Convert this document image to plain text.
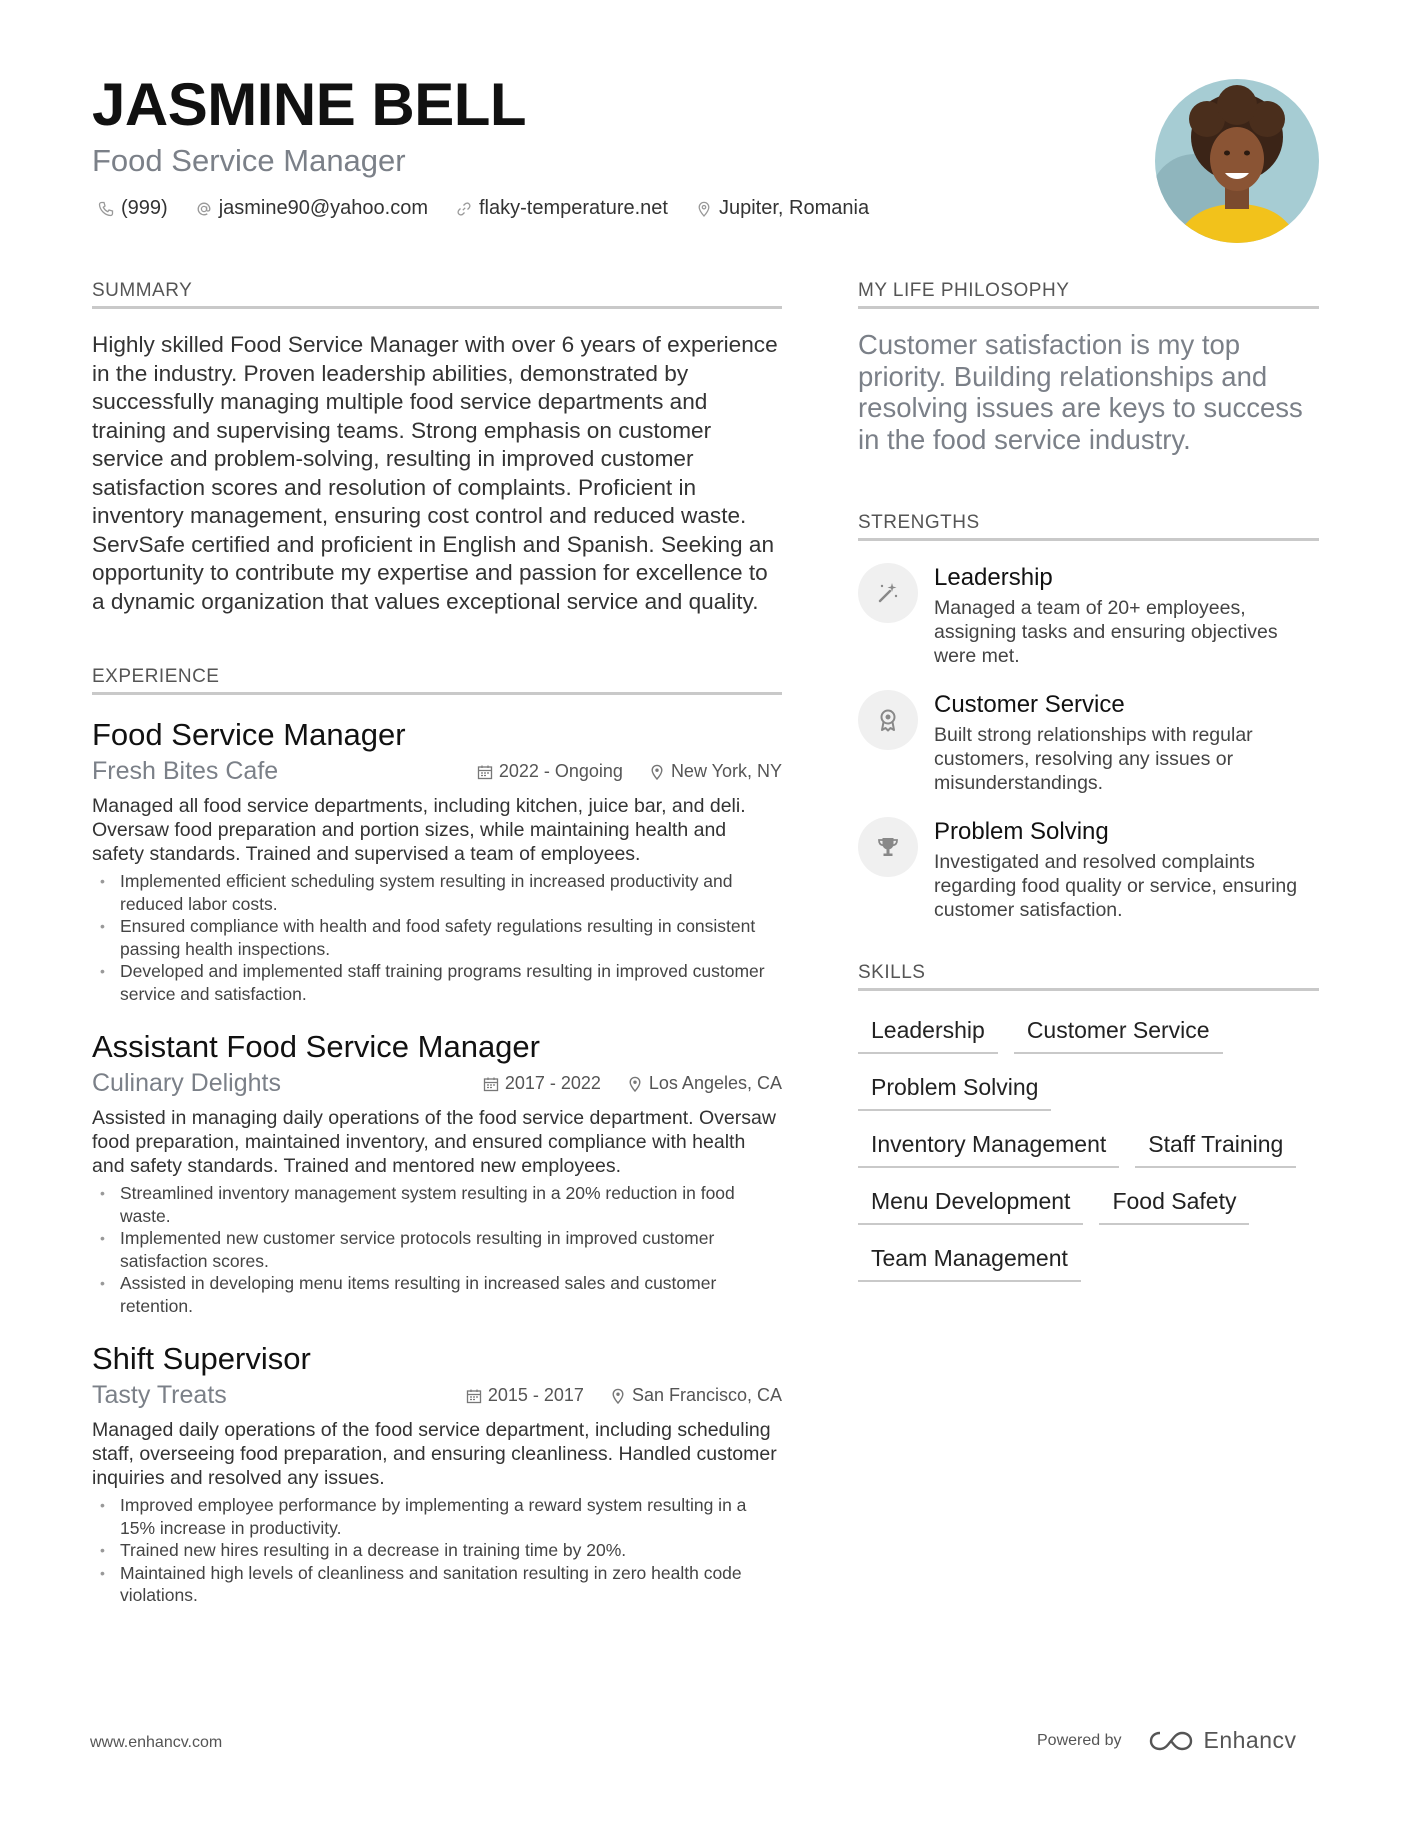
JASMINE BELL
Food Service Manager
(999)	jasmine90@yahoo.com	flaky-temperature.net	Jupiter, Romania
SUMMARY

Highly skilled Food Service Manager with over 6 years of experience in the industry. Proven leadership abilities, demonstrated by successfully managing multiple food service departments and training and supervising teams. Strong emphasis on customer service and problem-solving, resulting in improved customer satisfaction scores and resolution of complaints. Proficient in inventory management, ensuring cost control and reduced waste. ServSafe certified and proficient in English and Spanish. Seeking an opportunity to contribute my expertise and passion for excellence to a dynamic organization that values exceptional service and quality.

EXPERIENCE
Food Service Manager
Fresh Bites Cafe	2022 - Ongoing	New York, NY

Managed all food service departments, including kitchen, juice bar, and deli. Oversaw food preparation and portion sizes, while maintaining health and safety standards. Trained and supervised a team of employees.

• Implemented efficient scheduling system resulting in increased productivity and reduced labor costs.
• Ensured compliance with health and food safety regulations resulting in consistent passing health inspections.
• Developed and implemented staff training programs resulting in improved customer service and satisfaction.
Assistant Food Service Manager
Culinary Delights	2017 - 2022	Los Angeles, CA

Assisted in managing daily operations of the food service department. Oversaw food preparation, maintained inventory, and ensured compliance with health and safety standards. Trained and mentored new employees.

• Streamlined inventory management system resulting in a 20% reduction in food waste.
• Implemented new customer service protocols resulting in improved customer satisfaction scores.
• Assisted in developing menu items resulting in increased sales and customer retention.
Shift Supervisor
Tasty Treats	2015 - 2017	San Francisco, CA

Managed daily operations of the food service department, including scheduling staff, overseeing food preparation, and ensuring cleanliness. Handled customer inquiries and resolved any issues.

• Improved employee performance by implementing a reward system resulting in a 15% increase in productivity.
• Trained new hires resulting in a decrease in training time by 20%.
• Maintained high levels of cleanliness and sanitation resulting in zero health code violations.
MY LIFE PHILOSOPHY

Customer satisfaction is my top priority. Building relationships and resolving issues are keys to success in the food service industry.

STRENGTHS
Leadership
Managed a team of 20+ employees, assigning tasks and ensuring objectives were met.
Customer Service
Built strong relationships with regular customers, resolving any issues or misunderstandings.
Problem Solving
Investigated and resolved complaints regarding food quality or service, ensuring customer satisfaction.
SKILLS
Leadership	Customer Service
Problem Solving
Inventory Management	Staff Training
Menu Development	Food Safety
Team Management
www.enhancv.com	Powered by	Enhancv
